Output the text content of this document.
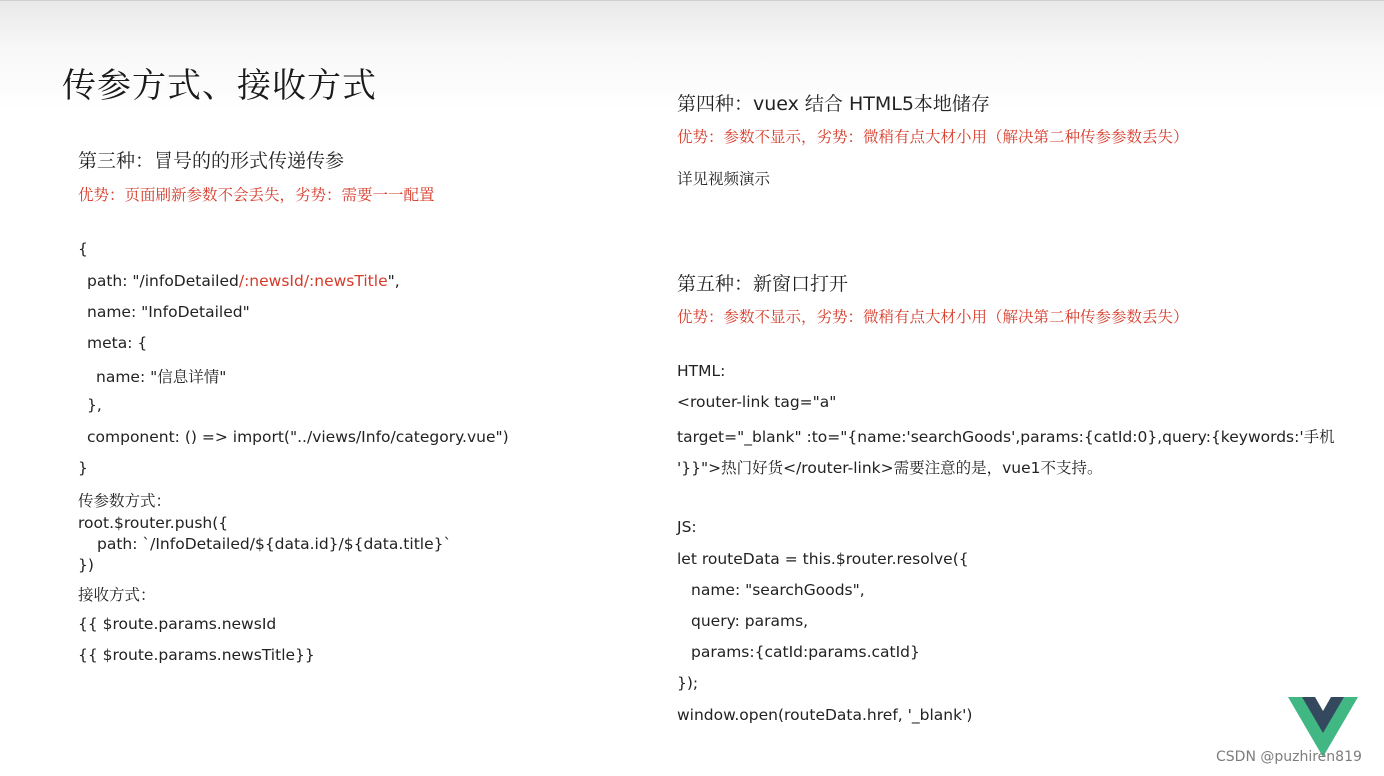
传参方式、接收方式
第三种：冒号的的形式传递传参
优势：页面刷新参数不会丢失，劣势：需要一一配置
{
path: "/infoDetailed/:newsId/:newsTitle",
name: "InfoDetailed"
meta: {
name: "信息详情"
},
component: () => import("../views/Info/category.vue")
}
传参数方式：
root.$router.push({
path: `/InfoDetailed/${data.id}/${data.title}`
})
接收方式：
{{ $route.params.newsId
{{ $route.params.newsTitle}}
第四种：vuex 结合 HTML5本地储存
优势：参数不显示，劣势：微稍有点大材小用（解决第二种传参参数丢失）
详见视频演示
第五种：新窗口打开
优势：参数不显示，劣势：微稍有点大材小用（解决第二种传参参数丢失）
HTML:
<router-link tag="a"
target="_blank" :to="{name:'searchGoods',params:{catId:0},query:{keywords:'手机
'}}">热门好货</router-link>需要注意的是，vue1不支持。
JS:
let routeData = this.$router.resolve({
name: "searchGoods",
query: params,
params:{catId:params.catId}
});
window.open(routeData.href, '_blank')
CSDN @puzhiren819
